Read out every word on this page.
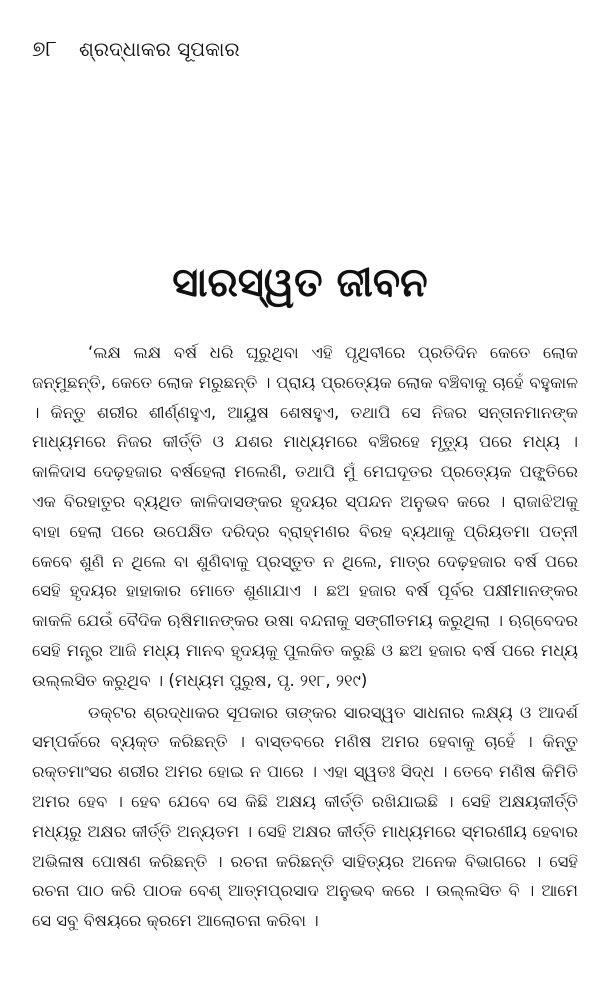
୭୮ ଶ୍ରଦ୍ଧାକର ସୂପକାର
ସାରସ୍ୱତ ଜୀବନ

‘ଲକ୍ଷ ଲକ୍ଷ ବର୍ଷ ଧରି ଘୂରୁଥିବା ଏହି ପୃଥିବୀରେ ପ୍ରତିଦିନ କେତେ ଲୋକ ଜନ୍ମୁଛନ୍ତି, କେତେ ଲୋକ ମରୁଛନ୍ତି । ପ୍ରାୟ ପ୍ରତ୍ୟେକ ଲୋକ ବଞ୍ଚିବାକୁ ଚାହେଁ ବହୁକାଳ । କିନ୍ତୁ ଶରୀର ଶୀର୍ଣ୍ଣହୁଏ, ଆୟୁଷ ଶେଷହୁଏ, ତଥାପି ସେ ନିଜର ସନ୍ତାନମାନଙ୍କ ମାଧ୍ୟମରେ ନିଜର କୀର୍ତ୍ତି ଓ ଯଶର ମାଧ୍ୟମରେ ବଞ୍ଚିରହେ ମୃତ୍ୟୁ ପରେ ମଧ୍ୟ । କାଳିଦାସ ଦେଢ଼ହଜାର ବର୍ଷହେଲା ମଲେଣି, ତଥାପି ମୁଁ ମେଘଦୂତର ପ୍ରତ୍ୟେକ ପଙ୍କ୍ତିରେ ଏକ ବିରହାତୁର ବ୍ୟଥିତ କାଳିଦାସଙ୍କର ହୃଦୟର ସ୍ପନ୍ଦନ ଅନୁଭବ କରେ । ରାଜାଝିଅକୁ ବାହା ହେଲା ପରେ ଉପେକ୍ଷିତ ଦରିଦ୍ର ବ୍ରାହ୍ମଣର ବିରହ ବ୍ୟଥାକୁ ପ୍ରିୟତମା ପତ୍ନୀ କେବେ ଶୁଣି ନ ଥିଲେ ବା ଶୁଣିବାକୁ ପ୍ରସ୍ତୁତ ନ ଥିଲେ, ମାତ୍ର ଦେଢ଼ହଜାର ବର୍ଷ ପରେ ସେହି ହୃଦୟର ହାହାକାର ମୋତେ ଶୁଣାଯାଏ । ଛଅ ହଜାର ବର୍ଷ ପୂର୍ବର ପକ୍ଷୀମାନଙ୍କର କାକଳି ଯେଉଁ ବୈଦିକ ଋଷିମାନଙ୍କର ଉଷା ବନ୍ଦନାକୁ ସଙ୍ଗୀତମୟ କରୁଥିଲା । ଋଗ୍‌ବେଦର ସେହି ମନ୍ତ୍ର ଆଜି ମଧ୍ୟ ମାନବ ହୃଦୟକୁ ପୁଲକିତ କରୁଛି ଓ ଛଅ ହଜାର ବର୍ଷ ପରେ ମଧ୍ୟ ଉଲ୍ଲସିତ କରୁଥିବ । (ମଧ୍ୟମ ପୁରୁଷ, ପୃ. ୨୧୮, ୨୧୯)

ଡକ୍ଟର ଶ୍ରଦ୍ଧାକର ସୂପକାର ତାଙ୍କର ସାରସ୍ୱତ ସାଧନାର ଲକ୍ଷ୍ୟ ଓ ଆଦର୍ଶ ସମ୍ପର୍କରେ ବ୍ୟକ୍ତ କରିଛନ୍ତି । ବାସ୍ତବରେ ମଣିଷ ଅମର ହେବାକୁ ଚାହେଁ । କିନ୍ତୁ ରକ୍ତମାଂସର ଶରୀର ଅମର ହୋଇ ନ ପାରେ । ଏହା ସ୍ୱତଃ ସିଦ୍ଧ । ତେବେ ମଣିଷ କିମିତି ଅମର ହେବ । ହେବ ଯେବେ ସେ କିଛି ଅକ୍ଷୟ କୀର୍ତ୍ତି ରଖିଯାଇଛି । ସେହି ଅକ୍ଷୟକୀର୍ତ୍ତି ମଧ୍ୟରୁ ଅକ୍ଷର କୀର୍ତ୍ତି ଅନ୍ୟତମ । ସେହି ଅକ୍ଷର କୀର୍ତ୍ତି ମାଧ୍ୟମରେ ସ୍ମରଣୀୟ ହେବାର ଅଭିଳାଷ ପୋଷଣ କରିଛନ୍ତି । ରଚନା କରିଛନ୍ତି ସାହିତ୍ୟର ଅନେକ ବିଭାଗରେ । ସେହି ରଚନା ପାଠ କରି ପାଠକ ବେଶ୍ ଆତ୍ମପ୍ରସାଦ ଅନୁଭବ କରେ । ଉଲ୍ଲସିତ ବି । ଆମେ ସେ ସବୁ ବିଷୟରେ କ୍ରମେ ଆଲୋଚନା କରିବା ।
